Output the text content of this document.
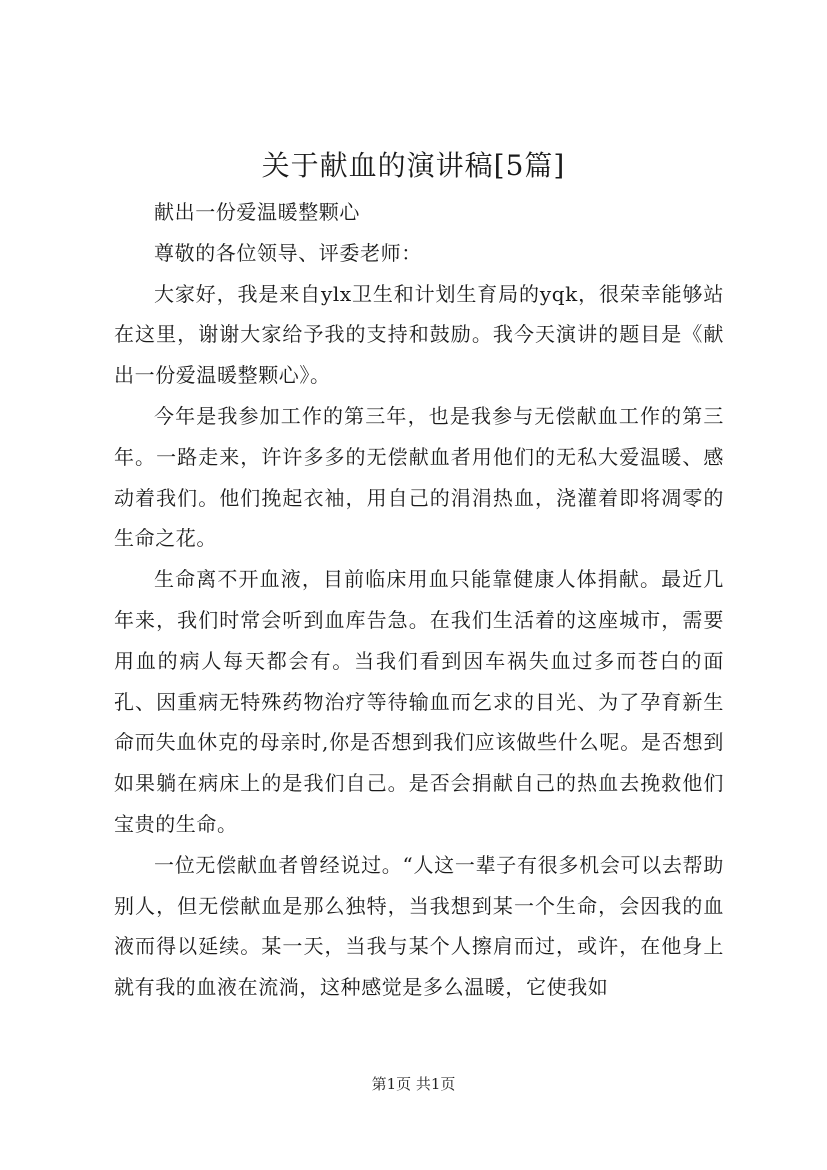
关于献血的演讲稿[5篇]

献出一份爱温暖整颗心

尊敬的各位领导、评委老师：

大家好，我是来自ylx卫生和计划生育局的yqk，很荣幸能够站在这里，谢谢大家给予我的支持和鼓励。我今天演讲的题目是《献出一份爱温暖整颗心》。

今年是我参加工作的第三年，也是我参与无偿献血工作的第三年。一路走来，许许多多的无偿献血者用他们的无私大爱温暖、感动着我们。他们挽起衣袖，用自己的涓涓热血，浇灌着即将凋零的生命之花。

生命离不开血液，目前临床用血只能靠健康人体捐献。最近几年来，我们时常会听到血库告急。在我们生活着的这座城市，需要用血的病人每天都会有。当我们看到因车祸失血过多而苍白的面孔、因重病无特殊药物治疗等待输血而乞求的目光、为了孕育新生命而失血休克的母亲时,你是否想到我们应该做些什么呢。是否想到如果躺在病床上的是我们自己。是否会捐献自己的热血去挽救他们宝贵的生命。

一位无偿献血者曾经说过。“人这一辈子有很多机会可以去帮助别人，但无偿献血是那么独特，当我想到某一个生命，会因我的血液而得以延续。某一天，当我与某个人擦肩而过，或许，在他身上就有我的血液在流淌，这种感觉是多么温暖，它使我如

第1页 共1页
